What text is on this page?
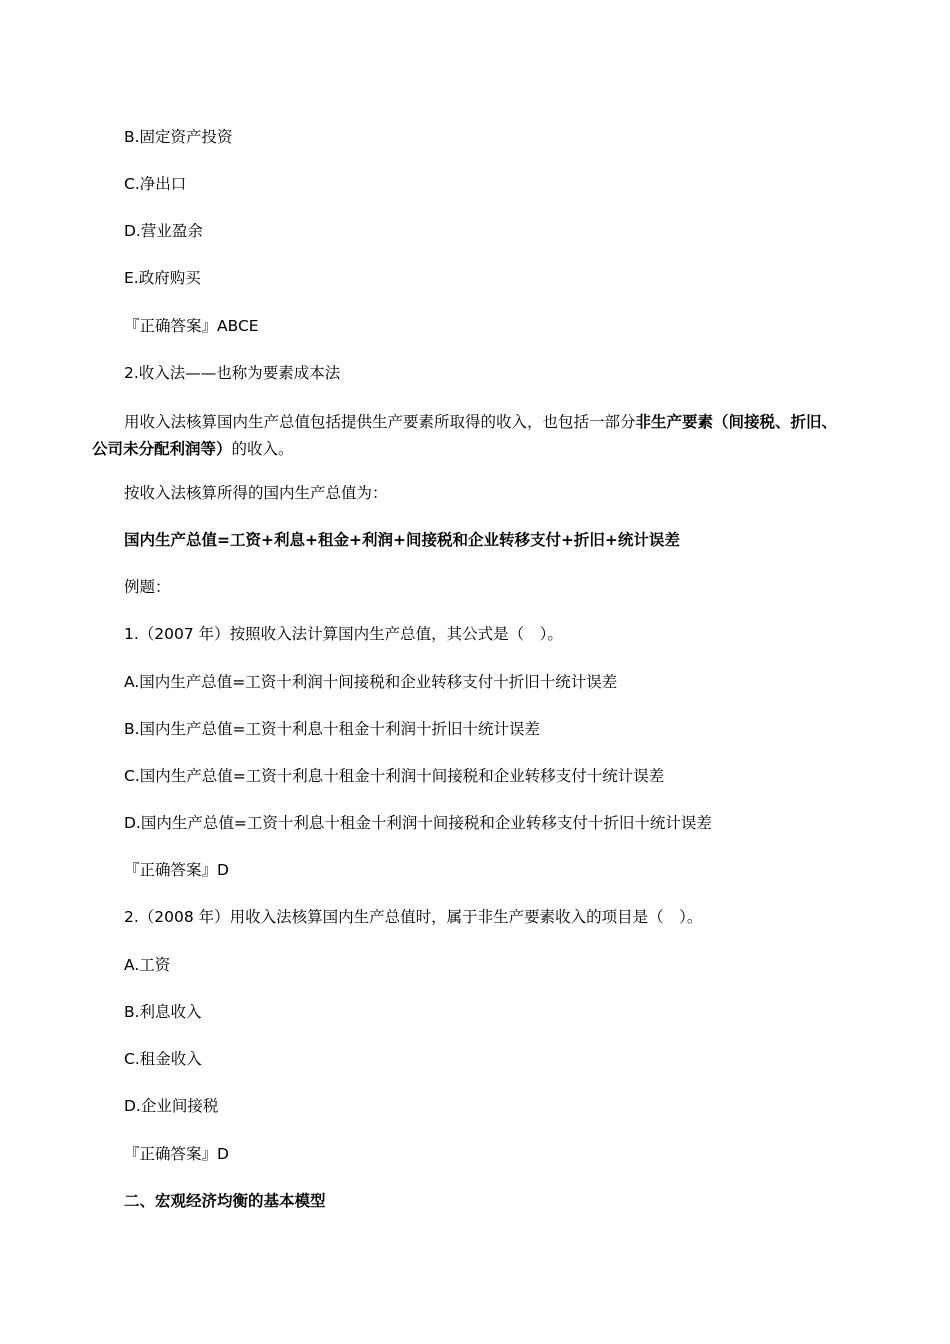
B.固定资产投资
C.净出口
D.营业盈余
E.政府购买
『正确答案』ABCE
2.收入法——也称为要素成本法
用收入法核算国内生产总值包括提供生产要素所取得的收入，也包括一部分非生产要素（间接税、折旧、公司未分配利润等）的收入。
按收入法核算所得的国内生产总值为：
国内生产总值=工资+利息+租金+利润+间接税和企业转移支付+折旧+统计误差
例题：
1.（2007 年）按照收入法计算国内生产总值，其公式是（　）。
A.国内生产总值=工资十利润十间接税和企业转移支付十折旧十统计误差
B.国内生产总值=工资十利息十租金十利润十折旧十统计误差
C.国内生产总值=工资十利息十租金十利润十间接税和企业转移支付十统计误差
D.国内生产总值=工资十利息十租金十利润十间接税和企业转移支付十折旧十统计误差
『正确答案』D
2.（2008 年）用收入法核算国内生产总值时，属于非生产要素收入的项目是（　）。
A.工资
B.利息收入
C.租金收入
D.企业间接税
『正确答案』D
二、宏观经济均衡的基本模型
